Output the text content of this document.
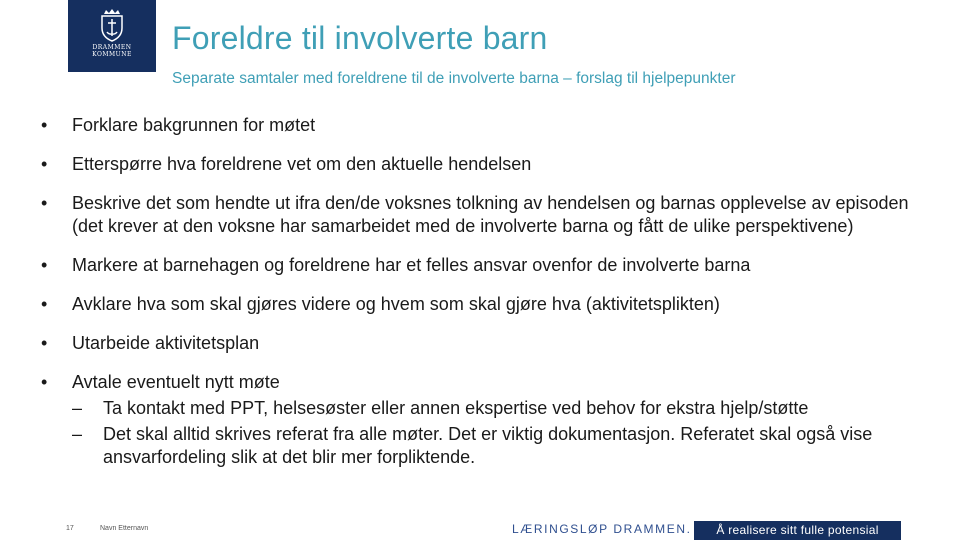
DRAMMEN
KOMMUNE Foreldre til involverte barn

Separate samtaler med foreldrene til de involverte barna – forslag til hjelpepunkter

• Forklare bakgrunnen for møtet
• Etterspørre hva foreldrene vet om den aktuelle hendelsen
• Beskrive det som hendte ut ifra den/de voksnes tolkning av hendelsen og barnas opplevelse av episoden (det krever at den voksne har samarbeidet med de involverte barna og fått de ulike perspektivene)
• Markere at barnehagen og foreldrene har et felles ansvar ovenfor de involverte barna
• Avklare hva som skal gjøres videre og hvem som skal gjøre hva (aktivitetsplikten)
• Utarbeide aktivitetsplan
• Avtale eventuelt nytt møte
– Ta kontakt med PPT, helsesøster eller annen ekspertise ved behov for ekstra hjelp/støtte
– Det skal alltid skrives referat fra alle møter. Det er viktig dokumentasjon. Referatet skal også vise ansvarfordeling slik at det blir mer forpliktende.
17	Navn Etternavn	LÆRINGSLØP DRAMMEN.	Å realisere sitt fulle potensial
